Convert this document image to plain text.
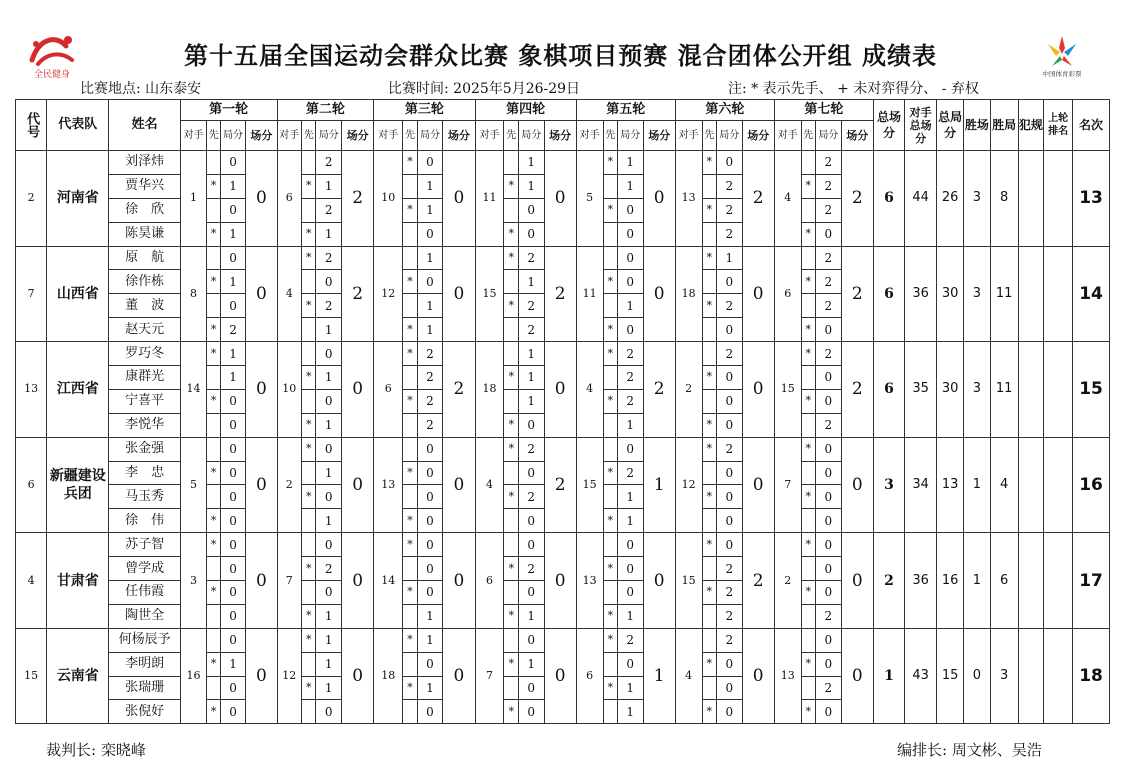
全民健身
第十五届全国运动会群众比赛 象棋项目预赛 混合团体公开组 成绩表
中国体育彩票
比赛地点: 山东泰安	比赛时间: 2025年5月26-29日	注: * 表示先手、 + 未对弈得分、 - 弃权
代号	代表队	姓名	第一轮				第二轮				第三轮				第四轮				第五轮				第六轮				第七轮				总场分	对手总场分	总局分	胜场	胜局	犯规	上轮排名	名次
			对手	先	局分	场分	对手	先	局分	场分	对手	先	局分	场分	对手	先	局分	场分	对手	先	局分	场分	对手	先	局分	场分	对手	先	局分	场分								
2	河南省	刘泽炜	1		0	0	6		2	2	10	*	0	0	11		1	0	5	*	1	0	13	*	0	2	4		2	2	6	44	26	3	8			13
		贾华兴		*	1			*	1				1			*	1				1				2			*	2									
		徐　欣			0				2			*	1				0			*	0			*	2				2									
		陈昊谦		*	1			*	1				0			*	0				0				2			*	0									
7	山西省	原　航	8		0	0	4	*	2	2	12		1	0	15	*	2	2	11		0	0	18	*	1	0	6		2	2	6	36	30	3	11			14
		徐作栋		*	1				0			*	0				1			*	0				0			*	2									
		董　波			0			*	2				1			*	2				1			*	2				2									
		赵天元		*	2				1			*	1				2			*	0				0			*	0									
13	江西省	罗巧冬	14	*	1	0	10		0	0	6	*	2	2	18		1	0	4	*	2	2	2		2	0	15	*	2	2	6	35	30	3	11			15
		康群光			1			*	1				2			*	1				2			*	0				0									
		宁喜平		*	0				0			*	2				1			*	2				0			*	0									
		李悦华			0			*	1				2			*	0				1			*	0				2									
6	新疆建设兵团	张金强	5		0	0	2	*	0	0	13		0	0	4	*	2	2	15		0	1	12	*	2	0	7	*	0	0	3	34	13	1	4			16
		李　忠		*	0				1			*	0				0			*	2				0				0									
		马玉秀			0			*	0				0			*	2				1			*	0			*	0									
		徐　伟		*	0				1			*	0				0			*	1				0				0									
4	甘肃省	苏子智	3	*	0	0	7		0	0	14	*	0	0	6		0	0	13		0	0	15	*	0	2	2	*	0	0	2	36	16	1	6			17
		曾学成			0			*	2				0			*	2			*	0				2				0									
		任伟霞		*	0				0			*	0				0				0			*	2			*	0									
		陶世全			0			*	1				1			*	1			*	1				2				2									
15	云南省	何杨辰予	16		0	0	12	*	1	0	18	*	1	0	7		0	0	6	*	2	1	4		2	0	13		0	0	1	43	15	0	3			18
		李明朗		*	1				1				0			*	1				0			*	0			*	0									
		张瑞珊			0			*	1			*	1				0			*	1				0				2									
		张倪好		*	0				0				0			*	0				1			*	0			*	0									
裁判长: 栾晓峰	编排长: 周文彬、吴浩
